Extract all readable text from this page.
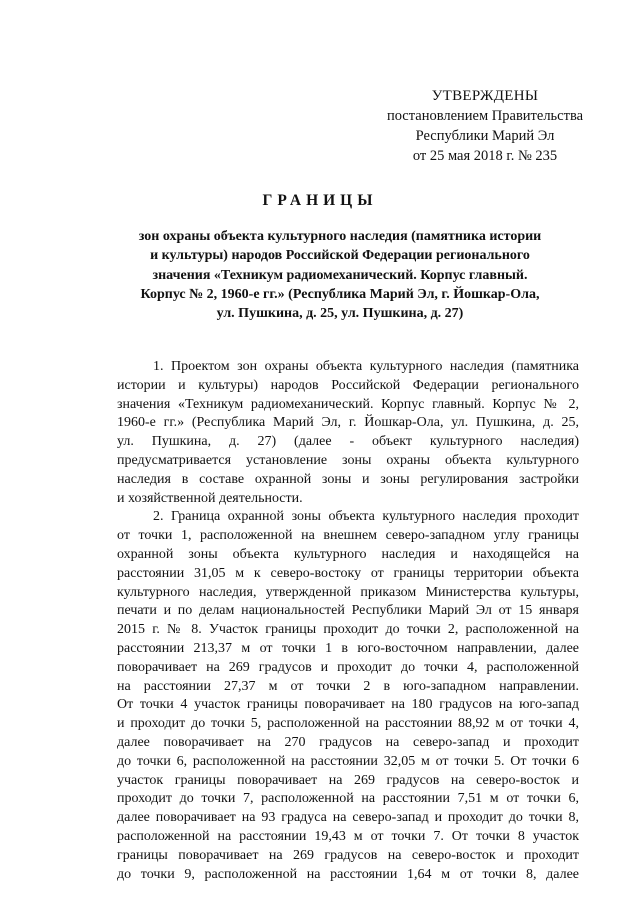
УТВЕРЖДЕНЫ
постановлением Правительства
Республики Марий Эл
от 25 мая 2018 г. № 235
ГРАНИЦЫ
зон охраны объекта культурного наследия (памятника истории
и культуры) народов Российской Федерации регионального
значения «Техникум радиомеханический. Корпус главный.
Корпус № 2, 1960-е гг.» (Республика Марий Эл, г. Йошкар-Ола,
ул. Пушкина, д. 25, ул. Пушкина, д. 27)
1. Проектом зон охраны объекта культурного наследия (памятника
истории и культуры) народов Российской Федерации регионального
значения «Техникум радиомеханический. Корпус главный. Корпус № 2,
1960-е гг.» (Республика Марий Эл, г. Йошкар-Ола, ул. Пушкина, д. 25,
ул. Пушкина, д. 27) (далее - объект культурного наследия)
предусматривается установление зоны охраны объекта культурного
наследия в составе охранной зоны и зоны регулирования застройки
и хозяйственной деятельности.
2. Граница охранной зоны объекта культурного наследия проходит
от точки 1, расположенной на внешнем северо-западном углу границы
охранной зоны объекта культурного наследия и находящейся на
расстоянии 31,05 м к северо-востоку от границы территории объекта
культурного наследия, утвержденной приказом Министерства культуры,
печати и по делам национальностей Республики Марий Эл от 15 января
2015 г. № 8. Участок границы проходит до точки 2, расположенной на
расстоянии 213,37 м от точки 1 в юго-восточном направлении, далее
поворачивает на 269 градусов и проходит до точки 4, расположенной
на расстоянии 27,37 м от точки 2 в юго-западном направлении.
От точки 4 участок границы поворачивает на 180 градусов на юго-запад
и проходит до точки 5, расположенной на расстоянии 88,92 м от точки 4,
далее поворачивает на 270 градусов на северо-запад и проходит
до точки 6, расположенной на расстоянии 32,05 м от точки 5. От точки 6
участок границы поворачивает на 269 градусов на северо-восток и
проходит до точки 7, расположенной на расстоянии 7,51 м от точки 6,
далее поворачивает на 93 градуса на северо-запад и проходит до точки 8,
расположенной на расстоянии 19,43 м от точки 7. От точки 8 участок
границы поворачивает на 269 градусов на северо-восток и проходит
до точки 9, расположенной на расстоянии 1,64 м от точки 8, далее
